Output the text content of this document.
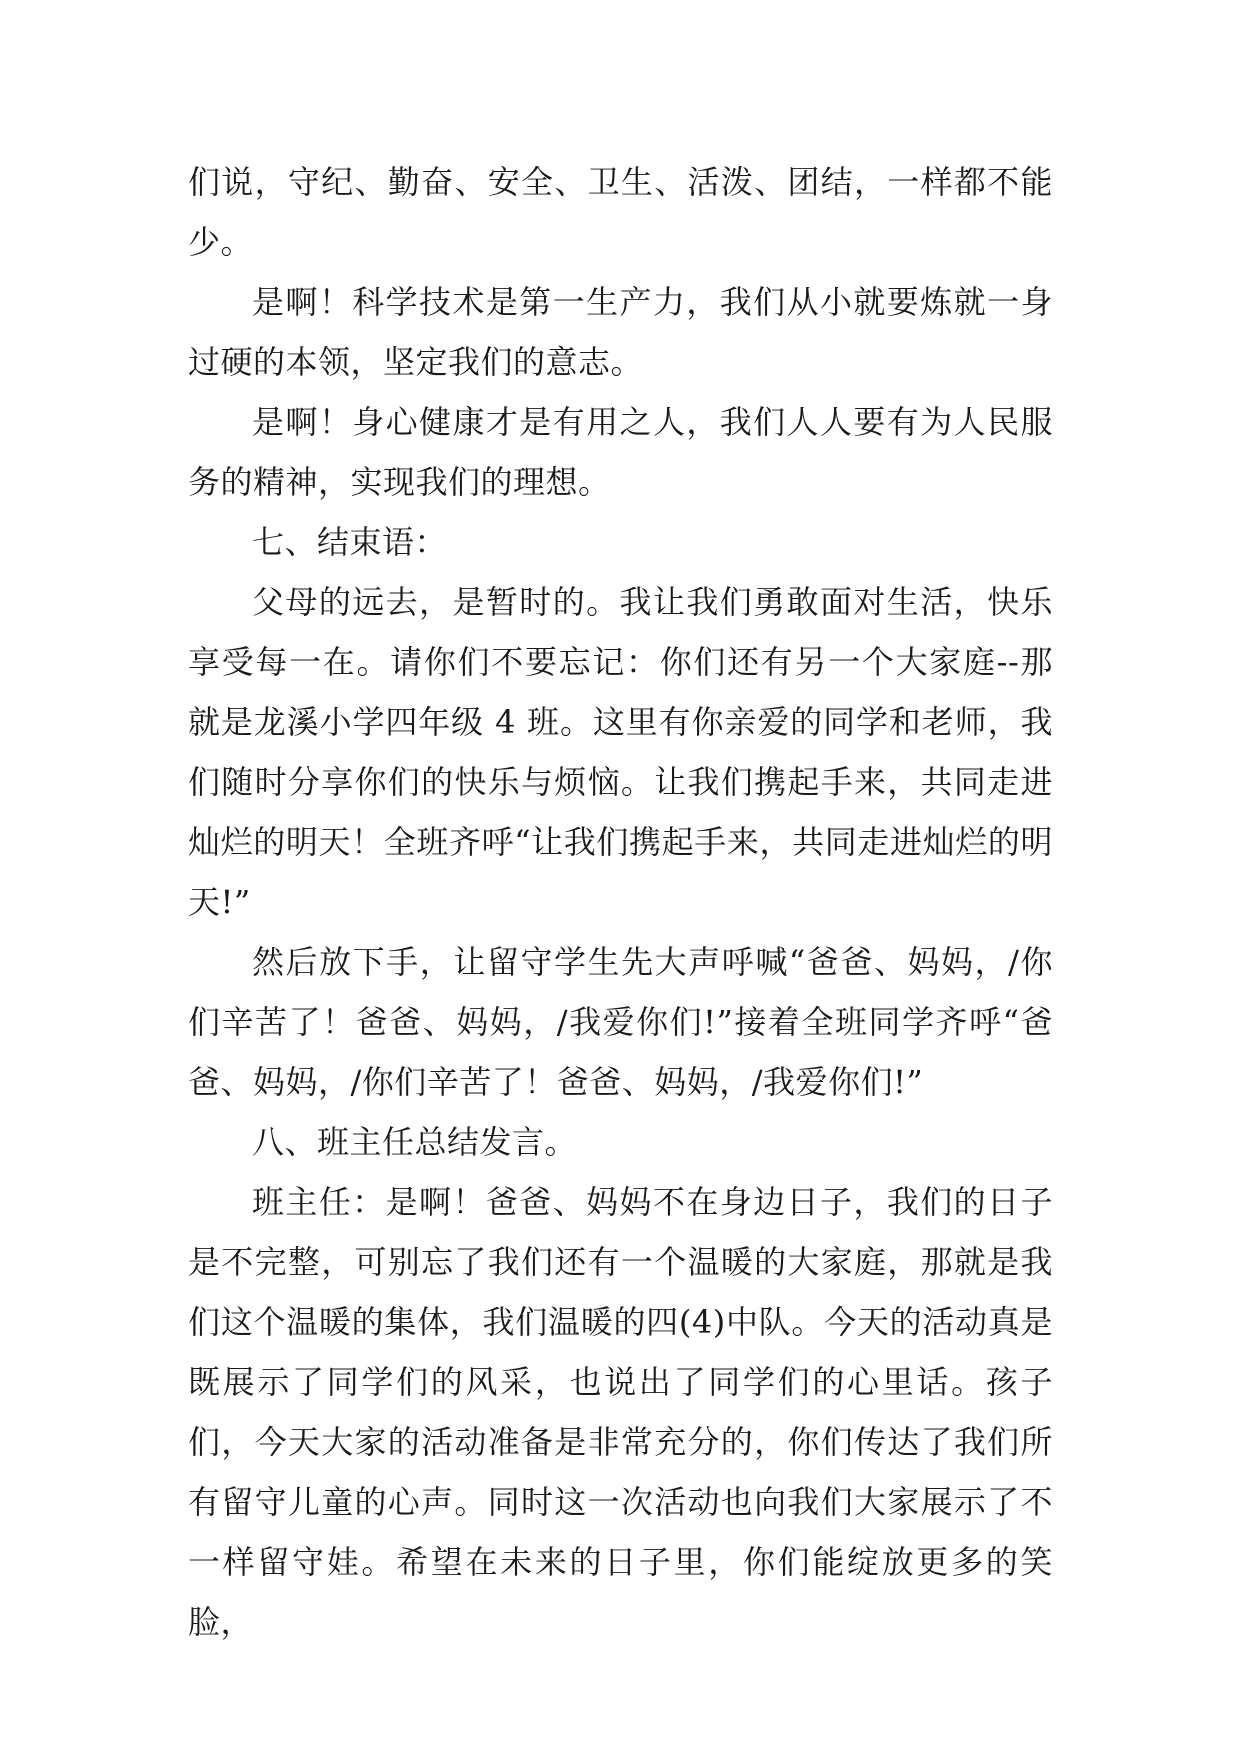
们说，守纪、勤奋、安全、卫生、活泼、团结，一样都不能少。

是啊！科学技术是第一生产力，我们从小就要炼就一身过硬的本领，坚定我们的意志。

是啊！身心健康才是有用之人，我们人人要有为人民服务的精神，实现我们的理想。

七、结束语：

父母的远去，是暂时的。我让我们勇敢面对生活，快乐享受每一在。请你们不要忘记：你们还有另一个大家庭--那就是龙溪小学四年级 4 班。这里有你亲爱的同学和老师，我们随时分享你们的快乐与烦恼。让我们携起手来，共同走进灿烂的明天！全班齐呼“让我们携起手来，共同走进灿烂的明天!”

然后放下手，让留守学生先大声呼喊“爸爸、妈妈，/你们辛苦了！爸爸、妈妈，/我爱你们!”接着全班同学齐呼“爸爸、妈妈，/你们辛苦了！爸爸、妈妈，/我爱你们!”

八、班主任总结发言。

班主任：是啊！爸爸、妈妈不在身边日子，我们的日子是不完整，可别忘了我们还有一个温暖的大家庭，那就是我们这个温暖的集体，我们温暖的四(4)中队。今天的活动真是既展示了同学们的风采，也说出了同学们的心里话。孩子们，今天大家的活动准备是非常充分的，你们传达了我们所有留守儿童的心声。同时这一次活动也向我们大家展示了不一样留守娃。希望在未来的日子里，你们能绽放更多的笑脸，
